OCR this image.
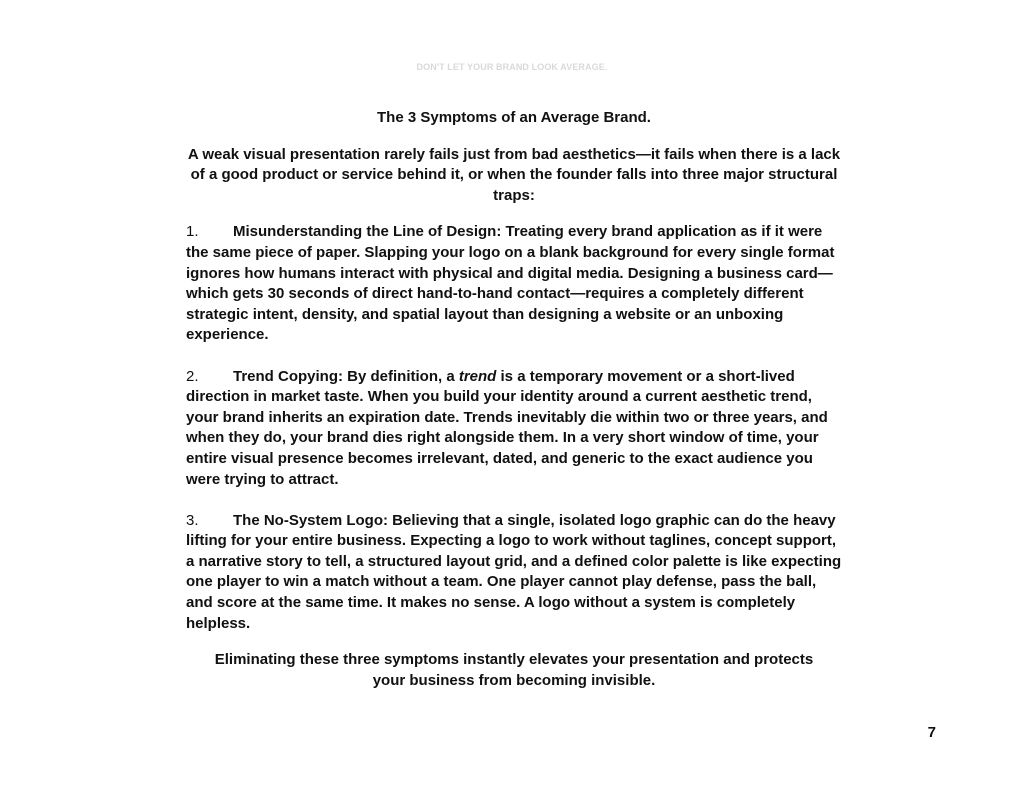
DON'T LET YOUR BRAND LOOK AVERAGE.
The 3 Symptoms of an Average Brand.
A weak visual presentation rarely fails just from bad aesthetics—it fails when there is a lack of a good product or service behind it, or when the founder falls into three major structural traps:
1. Misunderstanding the Line of Design: Treating every brand application as if it were the same piece of paper. Slapping your logo on a blank background for every single format ignores how humans interact with physical and digital media. Designing a business card—which gets 30 seconds of direct hand-to-hand contact—requires a completely different strategic intent, density, and spatial layout than designing a website or an unboxing experience.
2. Trend Copying: By definition, a trend is a temporary movement or a short-lived direction in market taste. When you build your identity around a current aesthetic trend, your brand inherits an expiration date. Trends inevitably die within two or three years, and when they do, your brand dies right alongside them. In a very short window of time, your entire visual presence becomes irrelevant, dated, and generic to the exact audience you were trying to attract.
3. The No-System Logo: Believing that a single, isolated logo graphic can do the heavy lifting for your entire business. Expecting a logo to work without taglines, concept support, a narrative story to tell, a structured layout grid, and a defined color palette is like expecting one player to win a match without a team. One player cannot play defense, pass the ball, and score at the same time. It makes no sense. A logo without a system is completely helpless.
Eliminating these three symptoms instantly elevates your presentation and protects your business from becoming invisible.
7
